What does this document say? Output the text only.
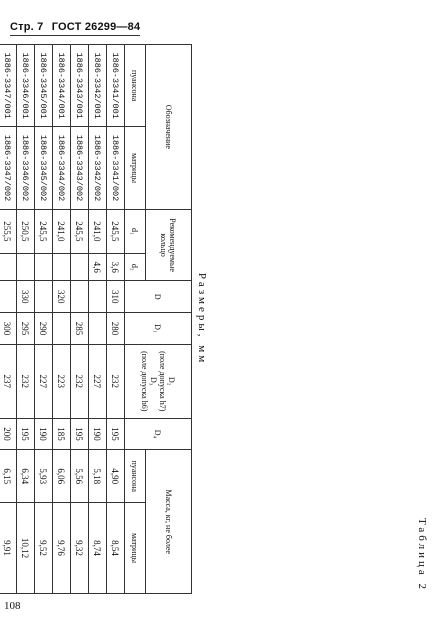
Стр. 7 ГОСТ 26299—84
Таблица 2
Размеры, мм
Обозначение		Рекомендуемые кольцо		D	D₁	D₂
(поле допуска h7)
D₃
(поле допуска h6)	D₄	Масса, кг, не более	
пуансона	матрицы	d₁	d₂					пуансона	матрицы
1886-3341/001	1886-3341/002	245,5	3,6	310	280	232	195	4,90	8,54
1886-3342/001	1886-3342/002	241,0	4,6			227	190	5,18	8,74
1886-3343/001	1886-3343/002	245,5			285	232	195	5,56	9,32
1886-3344/001	1886-3344/002	241,0		320		223	185	6,06	9,76
1886-3345/001	1886-3345/002	245,5			290	227	190	5,93	9,52
1886-3346/001	1886-3346/002	250,5		330	295	232	195	6,34	10,12
1886-3347/001	1886-3347/002	255,5			300	237	200	6,15	9,91

108
